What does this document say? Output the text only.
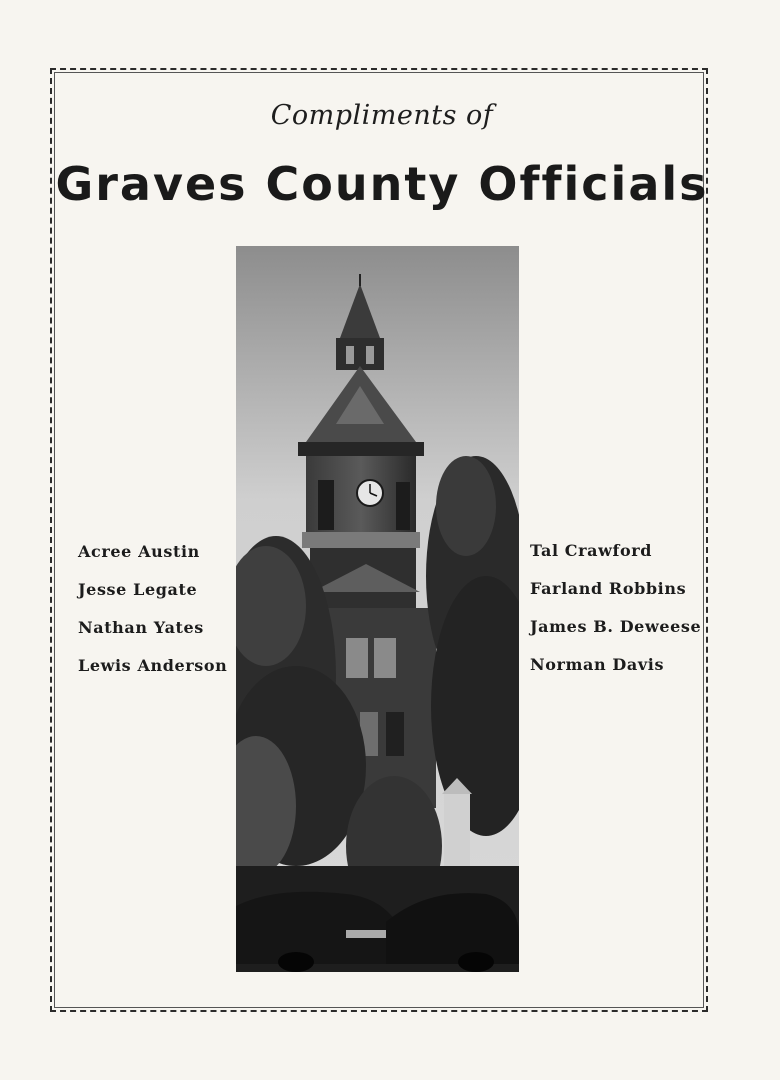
Compliments of
Graves County Officials
Acree Austin
Jesse Legate
Nathan Yates
Lewis Anderson
Tal Crawford
Farland Robbins
James B. Deweese
Norman Davis
